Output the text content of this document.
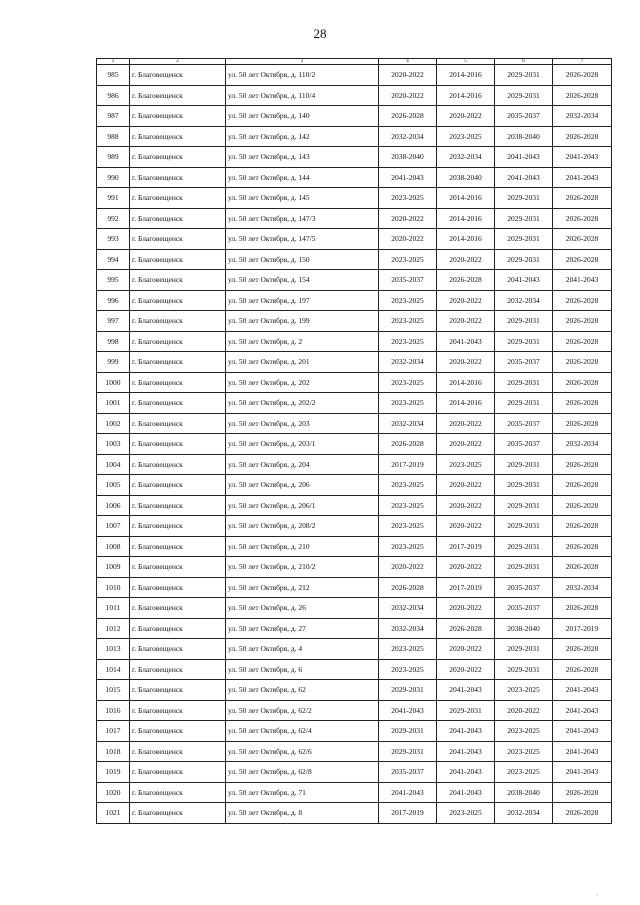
28
1	2	3	4	5	6	7
985	г. Благовещенск	ул. 50 лет Октября, д. 110/2	2020-2022	2014-2016	2029-2031	2026-2028
986	г. Благовещенск	ул. 50 лет Октября, д. 110/4	2020-2022	2014-2016	2029-2031	2026-2028
987	г. Благовещенск	ул. 50 лет Октября, д. 140	2026-2028	2020-2022	2035-2037	2032-2034
988	г. Благовещенск	ул. 50 лет Октября, д. 142	2032-2034	2023-2025	2038-2040	2026-2028
989	г. Благовещенск	ул. 50 лет Октября, д. 143	2038-2040	2032-2034	2041-2043	2041-2043
990	г. Благовещенск	ул. 50 лет Октября, д. 144	2041-2043	2038-2040	2041-2043	2041-2043
991	г. Благовещенск	ул. 50 лет Октября, д. 145	2023-2025	2014-2016	2029-2031	2026-2028
992	г. Благовещенск	ул. 50 лет Октября, д. 147/3	2020-2022	2014-2016	2029-2031	2026-2028
993	г. Благовещенск	ул. 50 лет Октября, д. 147/5	2020-2022	2014-2016	2029-2031	2026-2028
994	г. Благовещенск	ул. 50 лет Октября, д. 150	2023-2025	2020-2022	2029-2031	2026-2028
995	г. Благовещенск	ул. 50 лет Октября, д. 154	2035-2037	2026-2028	2041-2043	2041-2043
996	г. Благовещенск	ул. 50 лет Октября, д. 197	2023-2025	2020-2022	2032-2034	2026-2028
997	г. Благовещенск	ул. 50 лет Октября, д. 199	2023-2025	2020-2022	2029-2031	2026-2028
998	г. Благовещенск	ул. 50 лет Октября, д. 2	2023-2025	2041-2043	2029-2031	2026-2028
999	г. Благовещенск	ул. 50 лет Октября, д. 201	2032-2034	2020-2022	2035-2037	2026-2028
1000	г. Благовещенск	ул. 50 лет Октября, д. 202	2023-2025	2014-2016	2029-2031	2026-2028
1001	г. Благовещенск	ул. 50 лет Октября, д. 202/2	2023-2025	2014-2016	2029-2031	2026-2028
1002	г. Благовещенск	ул. 50 лет Октября, д. 203	2032-2034	2020-2022	2035-2037	2026-2028
1003	г. Благовещенск	ул. 50 лет Октября, д. 203/1	2026-2028	2020-2022	2035-2037	2032-2034
1004	г. Благовещенск	ул. 50 лет Октября, д. 204	2017-2019	2023-2025	2029-2031	2026-2028
1005	г. Благовещенск	ул. 50 лет Октября, д. 206	2023-2025	2020-2022	2029-2031	2026-2028
1006	г. Благовещенск	ул. 50 лет Октября, д. 206/1	2023-2025	2020-2022	2029-2031	2026-2028
1007	г. Благовещенск	ул. 50 лет Октября, д. 208/2	2023-2025	2020-2022	2029-2031	2026-2028
1008	г. Благовещенск	ул. 50 лет Октября, д. 210	2023-2025	2017-2019	2029-2031	2026-2028
1009	г. Благовещенск	ул. 50 лет Октября, д. 210/2	2020-2022	2020-2022	2029-2031	2026-2028
1010	г. Благовещенск	ул. 50 лет Октября, д. 212	2026-2028	2017-2019	2035-2037	2032-2034
1011	г. Благовещенск	ул. 50 лет Октября, д. 26	2032-2034	2020-2022	2035-2037	2026-2028
1012	г. Благовещенск	ул. 50 лет Октября, д. 27	2032-2034	2026-2028	2038-2040	2017-2019
1013	г. Благовещенск	ул. 50 лет Октября, д. 4	2023-2025	2020-2022	2029-2031	2026-2028
1014	г. Благовещенск	ул. 50 лет Октября, д. 6	2023-2025	2020-2022	2029-2031	2026-2028
1015	г. Благовещенск	ул. 50 лет Октября, д. 62	2029-2031	2041-2043	2023-2025	2041-2043
1016	г. Благовещенск	ул. 50 лет Октября, д. 62/2	2041-2043	2029-2031	2020-2022	2041-2043
1017	г. Благовещенск	ул. 50 лет Октября, д. 62/4	2029-2031	2041-2043	2023-2025	2041-2043
1018	г. Благовещенск	ул. 50 лет Октября, д. 62/6	2029-2031	2041-2043	2023-2025	2041-2043
1019	г. Благовещенск	ул. 50 лет Октября, д. 62/8	2035-2037	2041-2043	2023-2025	2041-2043
1020	г. Благовещенск	ул. 50 лет Октября, д. 71	2041-2043	2041-2043	2038-2040	2026-2028
1021	г. Благовещенск	ул. 50 лет Октября, д. 8	2017-2019	2023-2025	2032-2034	2026-2028
·
